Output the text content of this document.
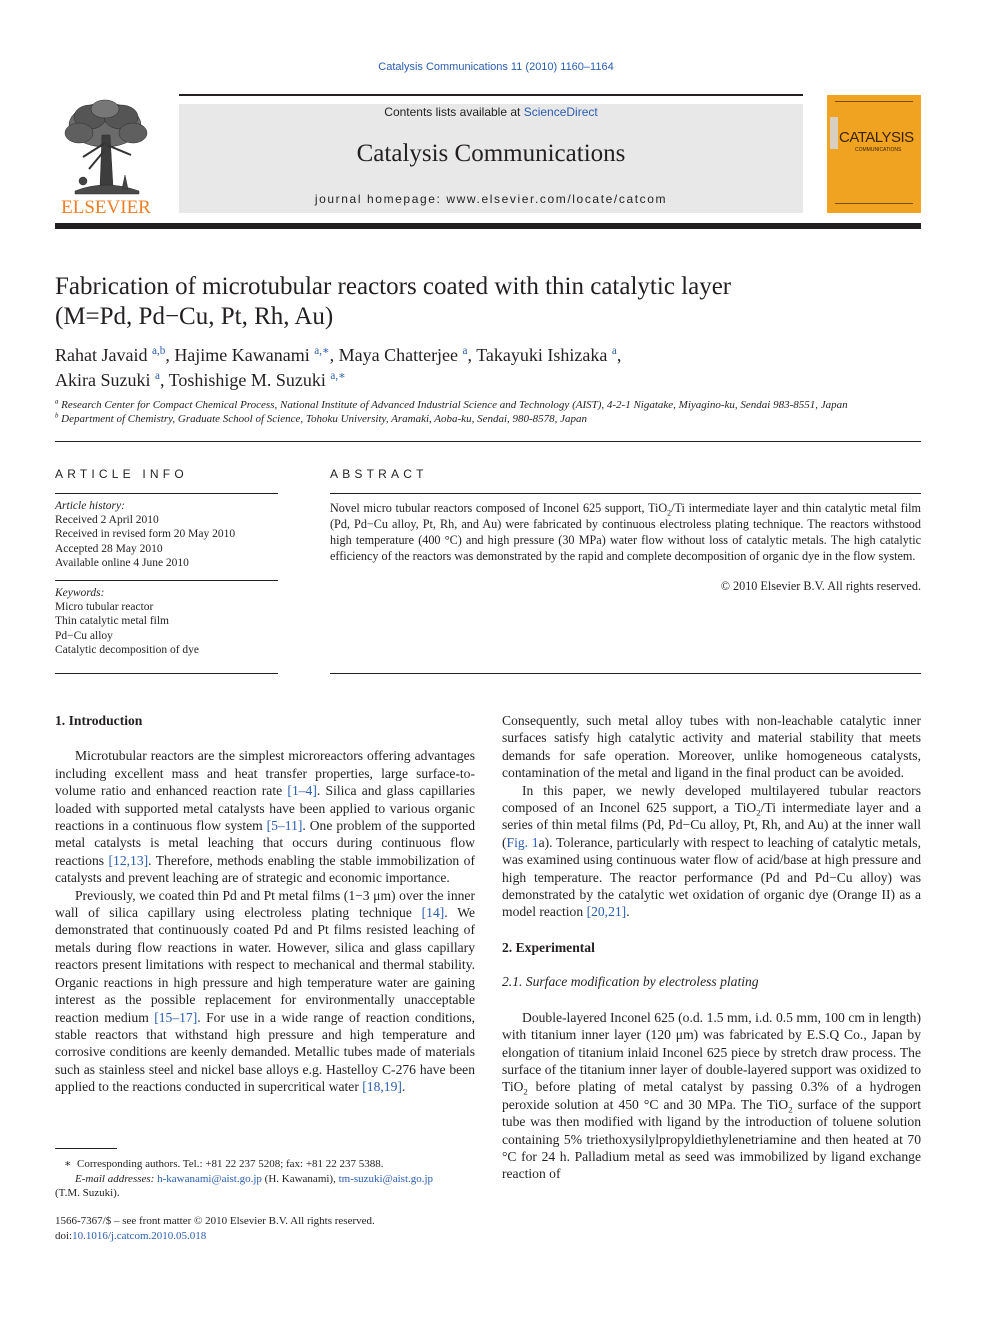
Catalysis Communications 11 (2010) 1160–1164
ELSEVIER
Contents lists available at ScienceDirect
Catalysis Communications
journal homepage: www.elsevier.com/locate/catcom
CATALYSIS
COMMUNICATIONS
Fabrication of microtubular reactors coated with thin catalytic layer
(M=Pd, Pd−Cu, Pt, Rh, Au)
Rahat Javaid $^{a,b}$, Hajime Kawanami $^{a,∗}$, Maya Chatterjee $^a$, Takayuki Ishizaka $^a$,
Akira Suzuki $^a$, Toshishige M. Suzuki $^{a,∗}$
$^a$ Research Center for Compact Chemical Process, National Institute of Advanced Industrial Science and Technology (AIST), 4-2-1 Nigatake, Miyagino-ku, Sendai 983-8551, Japan
$^b$ Department of Chemistry, Graduate School of Science, Tohoku University, Aramaki, Aoba-ku, Sendai, 980-8578, Japan
ARTICLE INFO
Article history:
Received 2 April 2010
Received in revised form 20 May 2010
Accepted 28 May 2010
Available online 4 June 2010
Keywords:
Micro tubular reactor
Thin catalytic metal film
Pd−Cu alloy
Catalytic decomposition of dye
ABSTRACT
Novel micro tubular reactors composed of Inconel 625 support, TiO$_2$/Ti intermediate layer and thin catalytic metal film (Pd, Pd−Cu alloy, Pt, Rh, and Au) were fabricated by continuous electroless plating technique. The reactors withstood high temperature (400 °C) and high pressure (30 MPa) water flow without loss of catalytic metals. The high catalytic efficiency of the reactors was demonstrated by the rapid and complete decomposition of organic dye in the flow system.
© 2010 Elsevier B.V. All rights reserved.
1. Introduction

Microtubular reactors are the simplest microreactors offering advantages including excellent mass and heat transfer properties, large surface-to-volume ratio and enhanced reaction rate [1–4]. Silica and glass capillaries loaded with supported metal catalysts have been applied to various organic reactions in a continuous flow system [5–11]. One problem of the supported metal catalysts is metal leaching that occurs during continuous flow reactions [12,13]. Therefore, methods enabling the stable immobilization of catalysts and prevent leaching are of strategic and economic importance.

Previously, we coated thin Pd and Pt metal films (1−3 μm) over the inner wall of silica capillary using electroless plating technique [14]. We demonstrated that continuously coated Pd and Pt films resisted leaching of metals during flow reactions in water. However, silica and glass capillary reactors present limitations with respect to mechanical and thermal stability. Organic reactions in high pressure and high temperature water are gaining interest as the possible replacement for environmentally unacceptable reaction medium [15–17]. For use in a wide range of reaction conditions, stable reactors that withstand high pressure and high temperature and corrosive conditions are keenly demanded. Metallic tubes made of materials such as stainless steel and nickel base alloys e.g. Hastelloy C-276 have been applied to the reactions conducted in supercritical water [18,19].

∗ Corresponding authors. Tel.: +81 22 237 5208; fax: +81 22 237 5388.
E-mail addresses: h-kawanami@aist.go.jp (H. Kawanami), tm-suzuki@aist.go.jp
(T.M. Suzuki).
1566-7367/$ – see front matter © 2010 Elsevier B.V. All rights reserved.
doi:10.1016/j.catcom.2010.05.018

Consequently, such metal alloy tubes with non-leachable catalytic inner surfaces satisfy high catalytic activity and material stability that meets demands for safe operation. Moreover, unlike homogeneous catalysts, contamination of the metal and ligand in the final product can be avoided.

In this paper, we newly developed multilayered tubular reactors composed of an Inconel 625 support, a TiO$_2$/Ti intermediate layer and a series of thin metal films (Pd, Pd−Cu alloy, Pt, Rh, and Au) at the inner wall (Fig. 1a). Tolerance, particularly with respect to leaching of catalytic metals, was examined using continuous water flow of acid/base at high pressure and high temperature. The reactor performance (Pd and Pd−Cu alloy) was demonstrated by the catalytic wet oxidation of organic dye (Orange II) as a model reaction [20,21].

2. Experimental
2.1. Surface modification by electroless plating

Double-layered Inconel 625 (o.d. 1.5 mm, i.d. 0.5 mm, 100 cm in length) with titanium inner layer (120 μm) was fabricated by E.S.Q Co., Japan by elongation of titanium inlaid Inconel 625 piece by stretch draw process. The surface of the titanium inner layer of double-layered support was oxidized to TiO$_2$ before plating of metal catalyst by passing 0.3% of a hydrogen peroxide solution at 450 °C and 30 MPa. The TiO$_2$ surface of the support tube was then modified with ligand by the introduction of toluene solution containing 5% triethoxysilylpropyldiethylenetriamine and then heated at 70 °C for 24 h. Palladium metal as seed was immobilized by ligand exchange reaction of
